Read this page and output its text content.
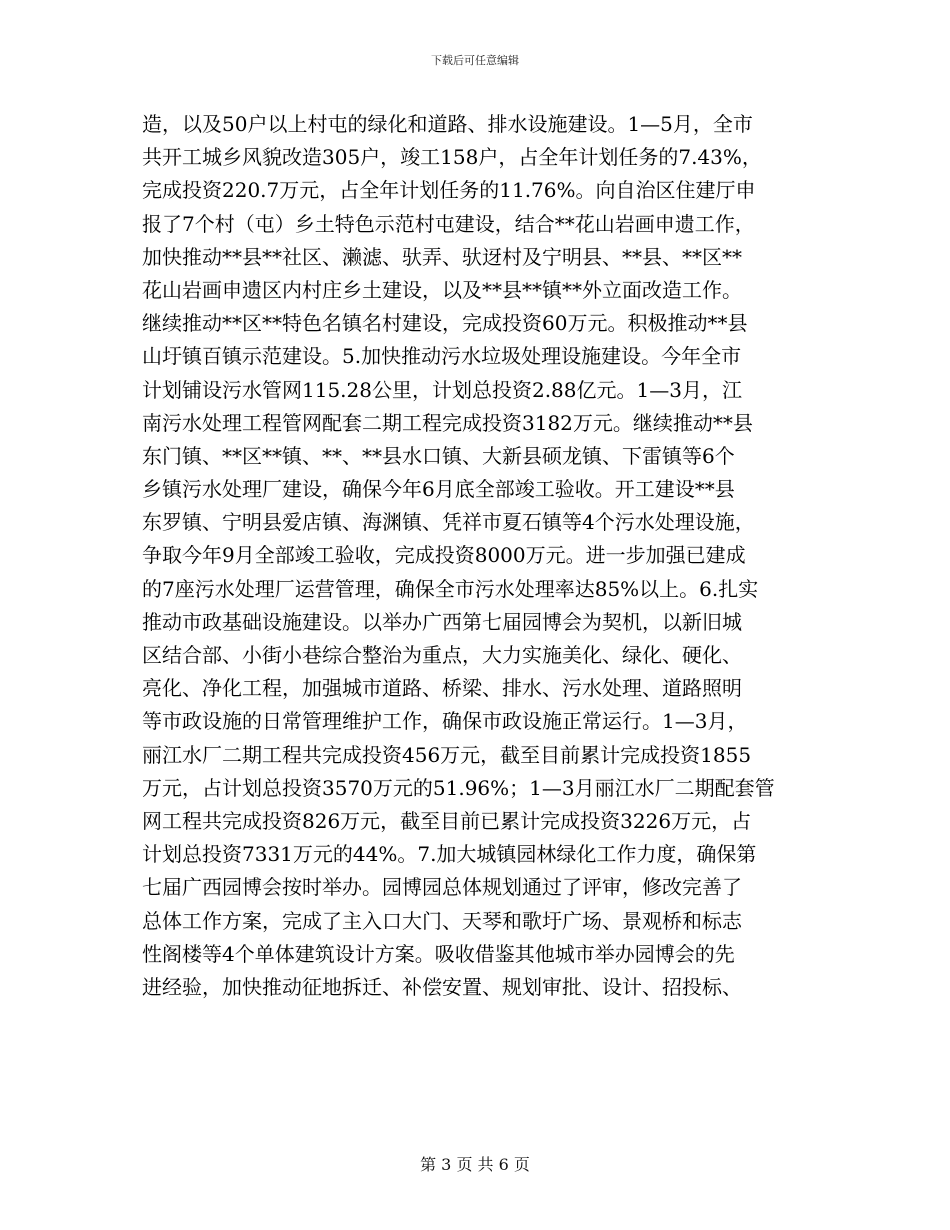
下载后可任意编辑
造，以及50户以上村屯的绿化和道路、排水设施建设。1—5月，全市
共开工城乡风貌改造305户，竣工158户，占全年计划任务的7.43%，
完成投资220.7万元，占全年计划任务的11.76%。向自治区住建厅申
报了7个村（屯）乡土特色示范村屯建设，结合**花山岩画申遗工作，
加快推动**县**社区、濑滤、驮弄、驮迓村及宁明县、**县、**区**
花山岩画申遗区内村庄乡土建设，以及**县**镇**外立面改造工作。
继续推动**区**特色名镇名村建设，完成投资60万元。积极推动**县
山圩镇百镇示范建设。5.加快推动污水垃圾处理设施建设。今年全市
计划铺设污水管网115.28公里，计划总投资2.88亿元。1—3月，江
南污水处理工程管网配套二期工程完成投资3182万元。继续推动**县
东门镇、**区**镇、**、**县水口镇、大新县硕龙镇、下雷镇等6个
乡镇污水处理厂建设，确保今年6月底全部竣工验收。开工建设**县
东罗镇、宁明县爱店镇、海渊镇、凭祥市夏石镇等4个污水处理设施，
争取今年9月全部竣工验收，完成投资8000万元。进一步加强已建成
的7座污水处理厂运营管理，确保全市污水处理率达85%以上。6.扎实
推动市政基础设施建设。以举办广西第七届园博会为契机，以新旧城
区结合部、小街小巷综合整治为重点，大力实施美化、绿化、硬化、
亮化、净化工程，加强城市道路、桥梁、排水、污水处理、道路照明
等市政设施的日常管理维护工作，确保市政设施正常运行。1—3月，
丽江水厂二期工程共完成投资456万元，截至目前累计完成投资1855
万元，占计划总投资3570万元的51.96%；1—3月丽江水厂二期配套管
网工程共完成投资826万元，截至目前已累计完成投资3226万元，占
计划总投资7331万元的44%。7.加大城镇园林绿化工作力度，确保第
七届广西园博会按时举办。园博园总体规划通过了评审，修改完善了
总体工作方案，完成了主入口大门、天琴和歌圩广场、景观桥和标志
性阁楼等4个单体建筑设计方案。吸收借鉴其他城市举办园博会的先
进经验，加快推动征地拆迁、补偿安置、规划审批、设计、招投标、
第 3 页 共 6 页
